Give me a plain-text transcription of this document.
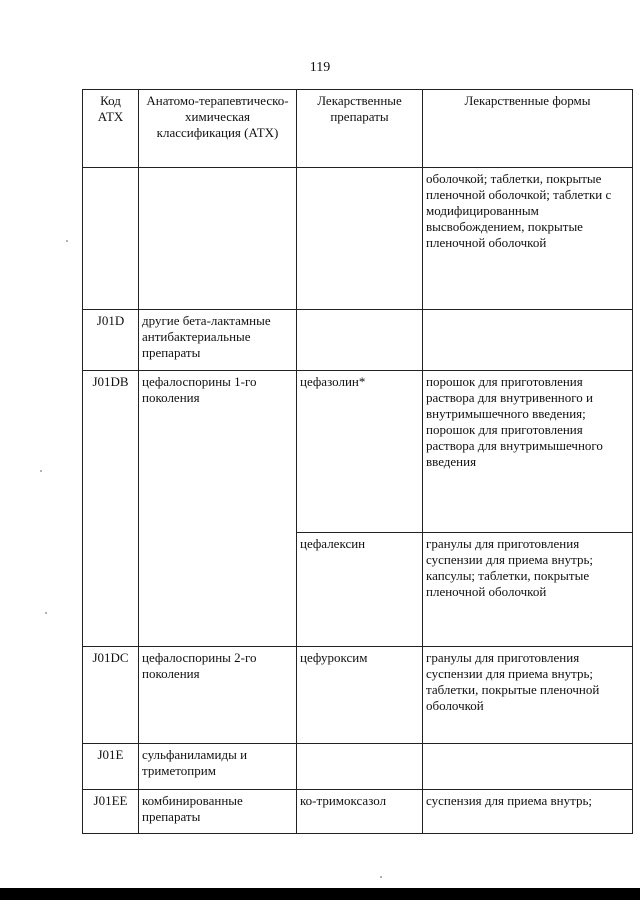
119
Код АТХ	Анатомо-терапевтическо-химическая классификация (АТХ)	Лекарственные препараты	Лекарственные формы
			оболочкой; таблетки, покрытые пленочной оболочкой; таблетки с модифицированным высвобождением, покрытые пленочной оболочкой
J01D	другие бета-лактамные антибактериальные препараты		
J01DB	цефалоспорины 1-го поколения	цефазолин*	порошок для приготовления раствора для внутривенного и внутримышечного введения; порошок для приготовления раствора для внутримышечного введения
		цефалексин	гранулы для приготовления суспензии для приема внутрь; капсулы; таблетки, покрытые пленочной оболочкой
J01DC	цефалоспорины 2-го поколения	цефуроксим	гранулы для приготовления суспензии для приема внутрь; таблетки, покрытые пленочной оболочкой
J01E	сульфаниламиды и триметоприм		
J01EE	комбинированные препараты	ко-тримоксазол	суспензия для приема внутрь;
